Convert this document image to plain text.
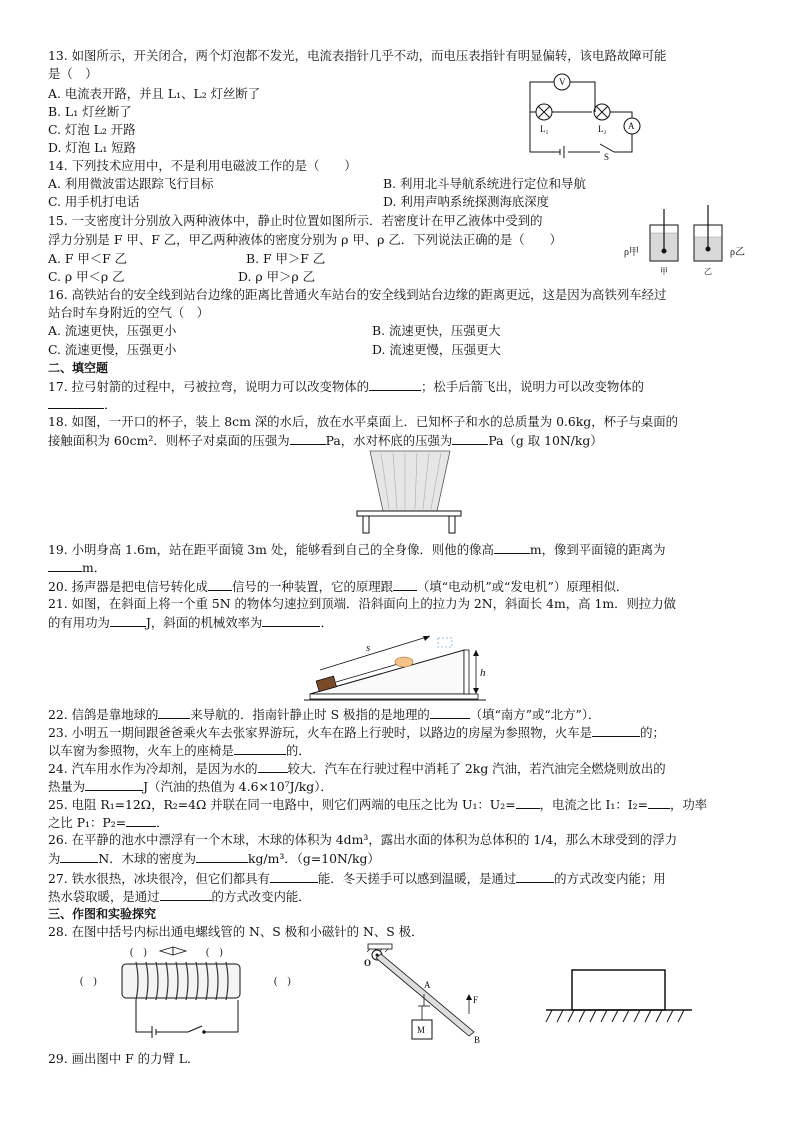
13. 如图所示，开关闭合，两个灯泡都不发光，电流表指针几乎不动，而电压表指针有明显偏转，该电路故障可能
是（　）
A. 电流表开路，并且 L₁、L₂ 灯丝断了
B. L₁ 灯丝断了
C. 灯泡 L₂ 开路
D. 灯泡 L₁ 短路
V
A
L₁	L₂
S
14. 下列技术应用中，不是利用电磁波工作的是（　　）
A. 利用微波雷达跟踪飞行目标	B. 利用北斗导航系统进行定位和导航
C. 用手机打电话	D. 利用声呐系统探测海底深度
15. 一支密度计分别放入两种液体中，静止时位置如图所示．若密度计在甲乙液体中受到的
浮力分别是 F 甲、F 乙，甲乙两种液体的密度分别为 ρ 甲、ρ 乙．下列说法正确的是（　　）
A. F 甲＜F 乙	B. F 甲＞F 乙
C. ρ 甲＜ρ 乙	D. ρ 甲＞ρ 乙
ρ甲	ρ乙
甲	乙
16. 高铁站台的安全线到站台边缘的距离比普通火车站台的安全线到站台边缘的距离更远，这是因为高铁列车经过
站台时车身附近的空气（　）
A. 流速更快，压强更小	B. 流速更快，压强更大
C. 流速更慢，压强更小	D. 流速更慢，压强更大
二、填空题
17. 拉弓射箭的过程中，弓被拉弯，说明力可以改变物体的	；松手后箭飞出，说明力可以改变物体的
．
18. 如图，一开口的杯子，装上 8cm 深的水后，放在水平桌面上．已知杯子和水的总质量为 0.6kg，杯子与桌面的
接触面积为 60cm²．则杯子对桌面的压强为	Pa，水对杯底的压强为	Pa（g 取 10N/kg）
19. 小明身高 1.6m，站在距平面镜 3m 处，能够看到自己的全身像．则他的像高	m，像到平面镜的距离为
m．
20. 扬声器是把电信号转化成 信号的一种装置，它的原理跟 （填“电动机”或“发电机”）原理相似．
21. 如图，在斜面上将一个重 5N 的物体匀速拉到顶端．沿斜面向上的拉力为 2N，斜面长 4m，高 1m．则拉力做
的有用功为	J，斜面的机械效率为	．
s
h
22. 信鸽是靠地球的	来导航的．指南针静止时 S 极指的是地理的	（填“南方”或“北方”）．
23. 小明五一期间跟爸爸乘火车去张家界游玩，火车在路上行驶时，以路边的房屋为参照物，火车是	的；
以车窗为参照物，火车上的座椅是	的．
24. 汽车用水作为冷却剂，是因为水的 较大．汽车在行驶过程中消耗了 2kg 汽油，若汽油完全燃烧则放出的
热量为	J（汽油的热值为 4.6×10⁷J/kg）．
25. 电阻 R₁=12Ω，R₂=4Ω 并联在同一电路中，则它们两端的电压之比为 U₁：U₂= ，电流之比 I₁：I₂= ，功率
之比 P₁：P₂= ．
26. 在平静的池水中漂浮有一个木球，木球的体积为 4dm³，露出水面的体积为总体积的 1/4，那么木球受到的浮力
为	N．木球的密度为	kg/m³．（g=10N/kg）
27. 铁水很热，冰块很冷，但它们都具有	能．冬天搓手可以感到温暖，是通过	的方式改变内能；用
热水袋取暖，是通过	的方式改变内能．
三、作图和实验探究
28. 在图中括号内标出通电螺线管的 N、S 极和小磁针的 N、S 极．
(　)	(　)
(　)	(　)
O
A
B
F
M
29. 画出图中 F 的力臂 L．
